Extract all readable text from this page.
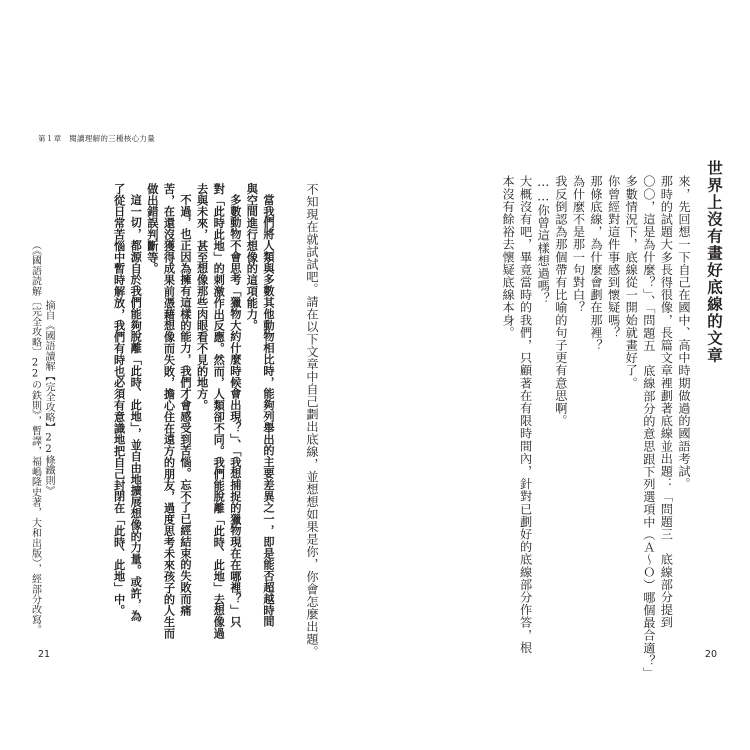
第１章　閱讀理解的三種核心力量

不知現在就試試吧。請在以下文章中自己劃出底線，並想想如果是你，你會怎麼出題。

當我們將人類與多數其他動物相比時，能夠列舉出的主要差異之一，即是能否超越時間

與空間進行想像的這項能力。

多數動物不會思考「獵物大約什麼時候會出現？」、「我想捕捉的獵物現在在哪裡？」只

對「此時此地」的刺激作出反應。然而，人類卻不同。我們能脫離「此時、此地」去想像過

去與未來，甚至想像那些肉眼看不見的地方。

不過，也正因為擁有這樣的能力，我們才會感受到苦惱。忘不了已經結束的失敗而痛

苦，在還沒獲得成果前憑藉想像而失敗，擔心住在遠方的朋友，過度思考未來孩子的人生而

做出錯誤判斷等。

這一切，都源自於我們能夠脫離「此時、此地」，並自由地擴展想像的力量。或許，為

了從日常苦惱中暫時解放，我們有時也必須有意識地把自己封閉在「此時、此地」中。

摘自《國語讀解【完全攻略】22條鐵則》

（《國語読解〔完全攻略〕22の鉄則》，暫譯，福嶋隆史著，大和出版），經部分改寫。

21
世界上沒有畫好底線的文章

來，先回想一下自己在國中、高中時期做過的國語考試。

那時的試題大多長得很像，長篇文章裡劃著底線並出題：「問題三　底線部分提到

〇〇，這是為什麼？」、「問題五　底線部分的意思跟下列選項中（Ａ～Ｏ）哪個最合適？」

多數情況下，底線從一開始就畫好了。

你曾經對這件事感到懷疑嗎？

那條底線，為什麼會劃在那裡？

為什麼不是那一句對白？

我反倒認為那個帶有比喻的句子更有意思啊。

……你曾這樣想過嗎？

大概沒有吧，畢竟當時的我們，只顧著在有限時間內，針對已劃好的底線部分作答，根

本沒有餘裕去懷疑底線本身。

20
